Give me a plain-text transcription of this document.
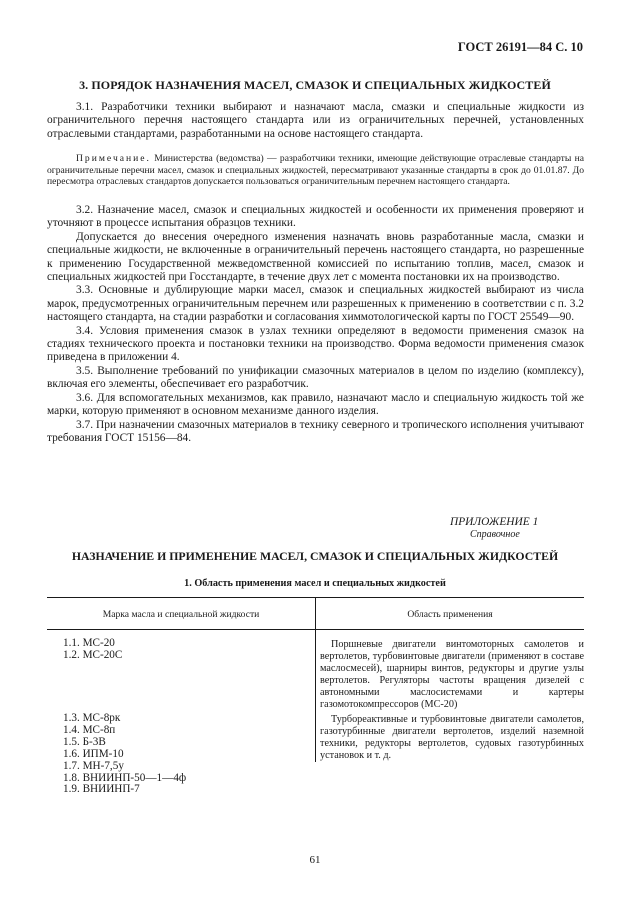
ГОСТ 26191—84 С. 10
3. ПОРЯДОК НАЗНАЧЕНИЯ МАСЕЛ, СМАЗОК И СПЕЦИАЛЬНЫХ ЖИДКОСТЕЙ

3.1. Разработчики техники выбирают и назначают масла, смазки и специальные жидкости из ограничительного перечня настоящего стандарта или из ограничительных перечней, установленных отраслевыми стандартами, разработанными на основе настоящего стандарта.

Примечание. Министерства (ведомства) — разработчики техники, имеющие действующие отраслевые стандарты на ограничительные перечни масел, смазок и специальных жидкостей, пересматривают указанные стандарты в срок до 01.01.87. До пересмотра отраслевых стандартов допускается пользоваться ограничительным перечнем настоящего стандарта.

3.2. Назначение масел, смазок и специальных жидкостей и особенности их применения проверяют и уточняют в процессе испытания образцов техники.

Допускается до внесения очередного изменения назначать вновь разработанные масла, смазки и специальные жидкости, не включенные в ограничительный перечень настоящего стандарта, но разрешенные к применению Государственной межведомственной комиссией по испытанию топлив, масел, смазок и специальных жидкостей при Госстандарте, в течение двух лет с момента постановки их на производство.

3.3. Основные и дублирующие марки масел, смазок и специальных жидкостей выбирают из числа марок, предусмотренных ограничительным перечнем или разрешенных к применению в соответствии с п. 3.2 настоящего стандарта, на стадии разработки и согласования химмотологической карты по ГОСТ 25549—90.

3.4. Условия применения смазок в узлах техники определяют в ведомости применения смазок на стадиях технического проекта и постановки техники на производство. Форма ведомости применения смазок приведена в приложении 4.

3.5. Выполнение требований по унификации смазочных материалов в целом по изделию (комплексу), включая его элементы, обеспечивает его разработчик.

3.6. Для вспомогательных механизмов, как правило, назначают масло и специальную жидкость той же марки, которую применяют в основном механизме данного изделия.

3.7. При назначении смазочных материалов в технику северного и тропического исполнения учитывают требования ГОСТ 15156—84.

ПРИЛОЖЕНИЕ 1
Справочное
НАЗНАЧЕНИЕ И ПРИМЕНЕНИЕ МАСЕЛ, СМАЗОК И СПЕЦИАЛЬНЫХ ЖИДКОСТЕЙ
1. Область применения масел и специальных жидкостей
Марка масла и специальной жидкости	Область применения
1.1. МС-20
1.2. МС-20С
1.3. МС-8рк
1.4. МС-8п
1.5. Б-3В
1.6. ИПМ-10
1.7. МН-7,5у
1.8. ВНИИНП-50—1—4ф
1.9. ВНИИНП-7

Поршневые двигатели винтомоторных самолетов и вертолетов, турбовинтовые двигатели (применяют в составе маслосмесей), шарниры винтов, редукторы и другие узлы вертолетов. Регуляторы частоты вращения дизелей с автономными маслосистемами и картеры газомотокомпрессоров (МС-20)

Турбореактивные и турбовинтовые двигатели самолетов, газотурбинные двигатели вертолетов, изделий наземной техники, редукторы вертолетов, судовых газотурбинных установок и т. д.

61
